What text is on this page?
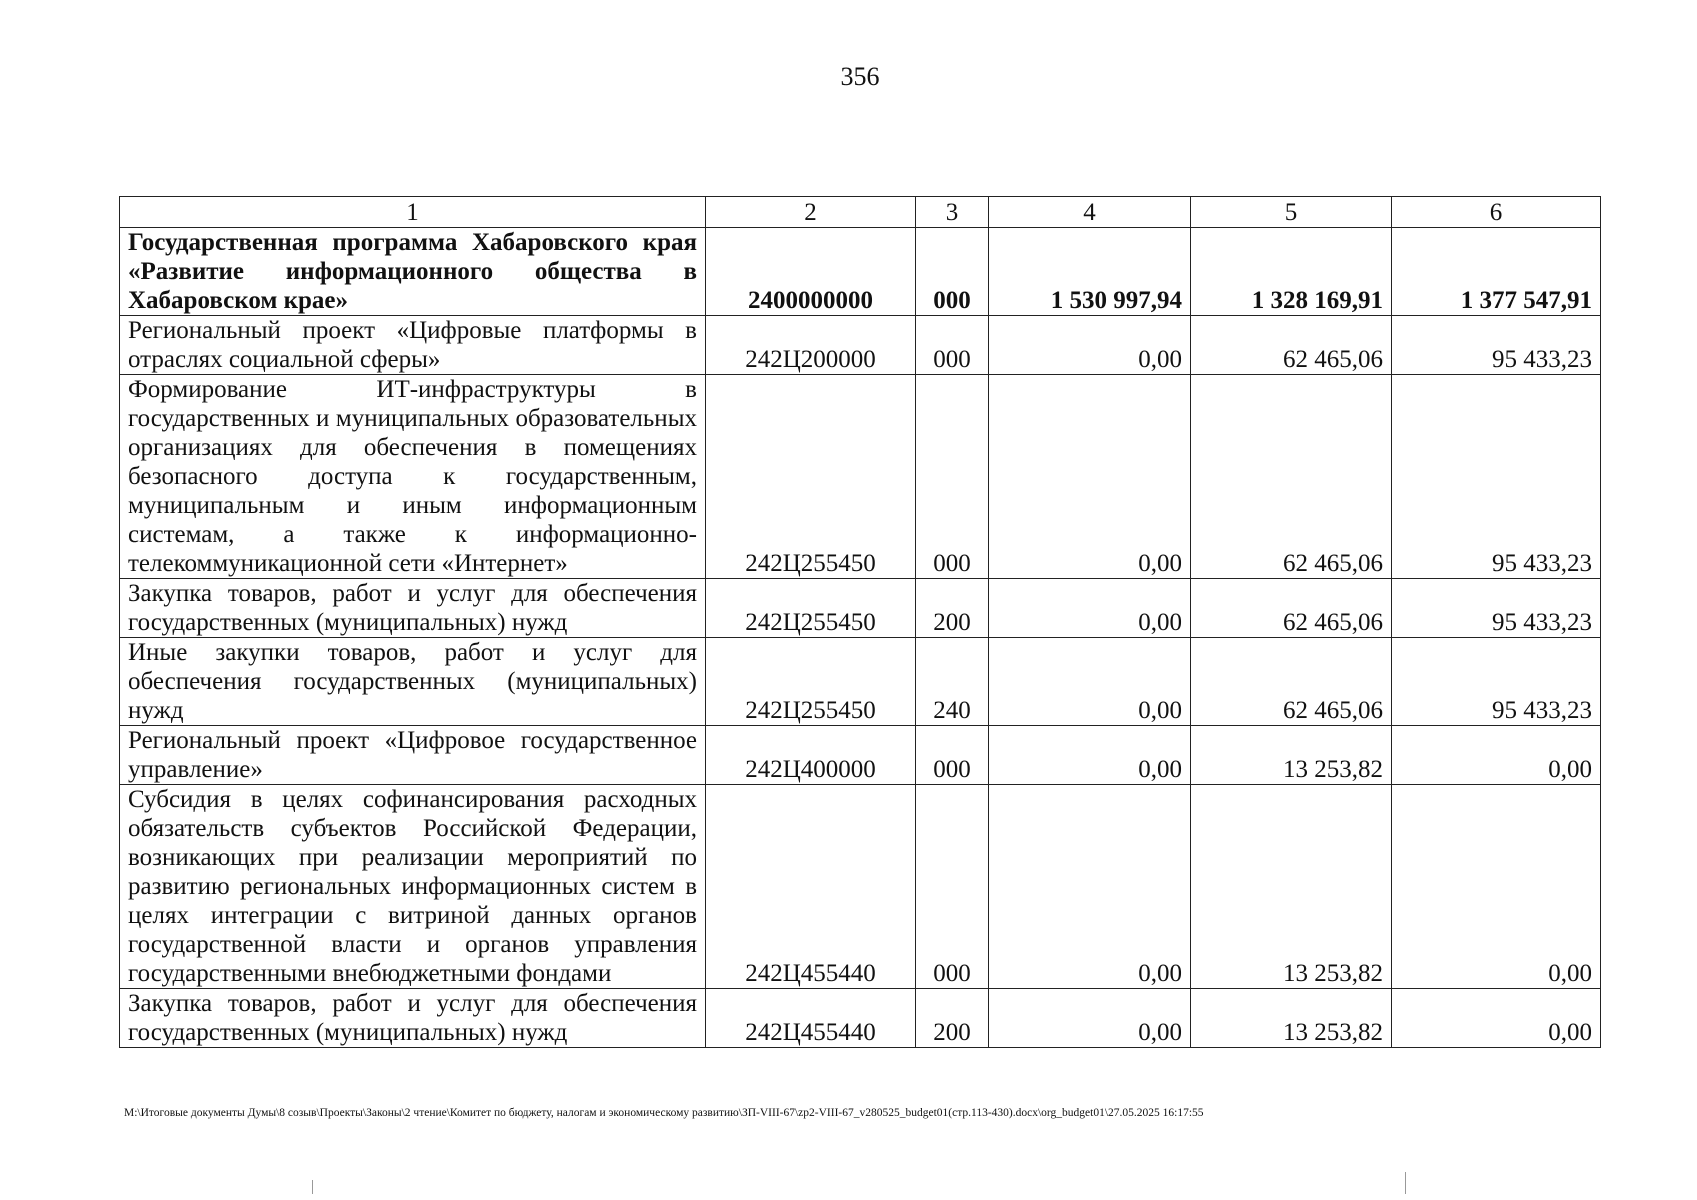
356
1	2	3	4	5	6
Государственная программа Хабаровского края «Развитие информационного общества в Хабаровском крае»	2400000000	000	1 530 997,94	1 328 169,91	1 377 547,91
Региональный проект «Цифровые платформы в отраслях социальной сферы»	242Ц200000	000	0,00	62 465,06	95 433,23
Формирование ИТ-инфраструктуры в государственных и муниципальных образовательных организациях для обеспечения в помещениях безопасного доступа к государственным, муниципальным и иным информационным системам, а также к информационно-телекоммуникационной сети «Интернет»	242Ц255450	000	0,00	62 465,06	95 433,23
Закупка товаров, работ и услуг для обеспечения государственных (муниципальных) нужд	242Ц255450	200	0,00	62 465,06	95 433,23
Иные закупки товаров, работ и услуг для обеспечения государственных (муниципальных) нужд	242Ц255450	240	0,00	62 465,06	95 433,23
Региональный проект «Цифровое государственное управление»	242Ц400000	000	0,00	13 253,82	0,00
Субсидия в целях софинансирования расходных обязательств субъектов Российской Федерации, возникающих при реализации мероприятий по развитию региональных информационных систем в целях интеграции с витриной данных органов государственной власти и органов управления государственными внебюджетными фондами	242Ц455440	000	0,00	13 253,82	0,00
Закупка товаров, работ и услуг для обеспечения государственных (муниципальных) нужд	242Ц455440	200	0,00	13 253,82	0,00
M:\Итоговые документы Думы\8 созыв\Проекты\Законы\2 чтение\Комитет по бюджету, налогам и экономическому развитию\ЗП-VIII-67\zp2-VIII-67_v280525_budget01(стр.113-430).docx\org_budget01\27.05.2025 16:17:55
